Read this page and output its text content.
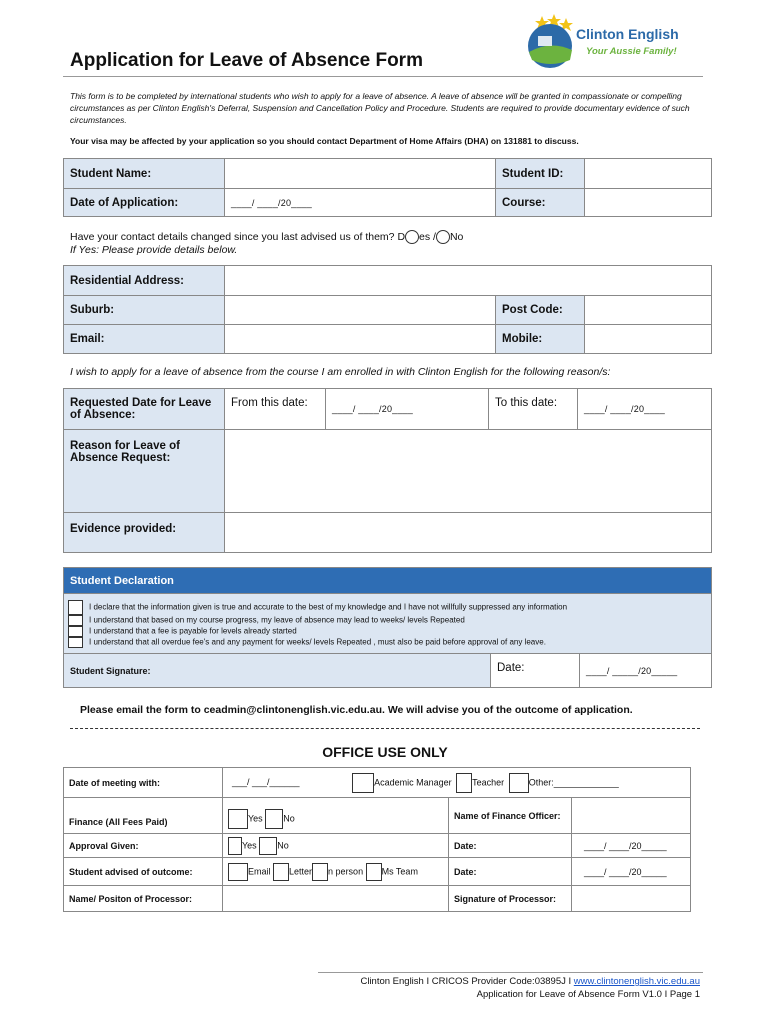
Clinton English
Your Aussie Family!
Application for Leave of Absence Form
This form is to be completed by international students who wish to apply for a leave of absence. A leave of absence will be granted in compassionate or compelling circumstances as per Clinton English's Deferral, Suspension and Cancellation Policy and Procedure. Students are required to provide documentary evidence of such circumstances.
Your visa may be affected by your application so you should contact Department of Home Affairs (DHA) on 131881 to discuss.
Student Name:		Student ID:	
Date of Application:	____/ ____/20____	Course:	
Have your contact details changed since you last advised us of them? D es / No
If Yes: Please provide details below.
Residential Address:			
Suburb:		Post Code:	
Email:		Mobile:	
I wish to apply for a leave of absence from the course I am enrolled in with Clinton English for the following reason/s:
Requested Date for Leave of Absence:	From this date:	____/ ____/20____	To this date:	____/ ____/20____
Reason for Leave of Absence Request:				
Evidence provided:				
Student Declaration

I declare that the information given is true and accurate to the best of my knowledge and I have not willfully suppressed any information
I understand that based on my course progress, my leave of absence may lead to weeks/ levels Repeated
I understand that a fee is payable for levels already started
I understand that all overdue fee's and any payment for weeks/ levels Repeated , must also be paid before approval of any leave.

Student Signature:	Date:	____/ _____/20_____
Please email the form to ceadmin@clintonenglish.vic.edu.au. We will advise you of the outcome of application.
OFFICE USE ONLY
Date of meeting with:	___/ ___/______ Academic Manager Teacher Other:_____________		
Finance (All Fees Paid)	Yes No	Name of Finance Officer:	
Approval Given:	Yes No	Date:	____/ ____/20_____
Student advised of outcome:	Email Letter n person Ms Team	Date:	____/ ____/20_____
Name/ Positon of Processor:		Signature of Processor:	
Clinton English I CRICOS Provider Code:03895J I www.clintonenglish.vic.edu.au
Application for Leave of Absence Form V1.0 I Page 1
